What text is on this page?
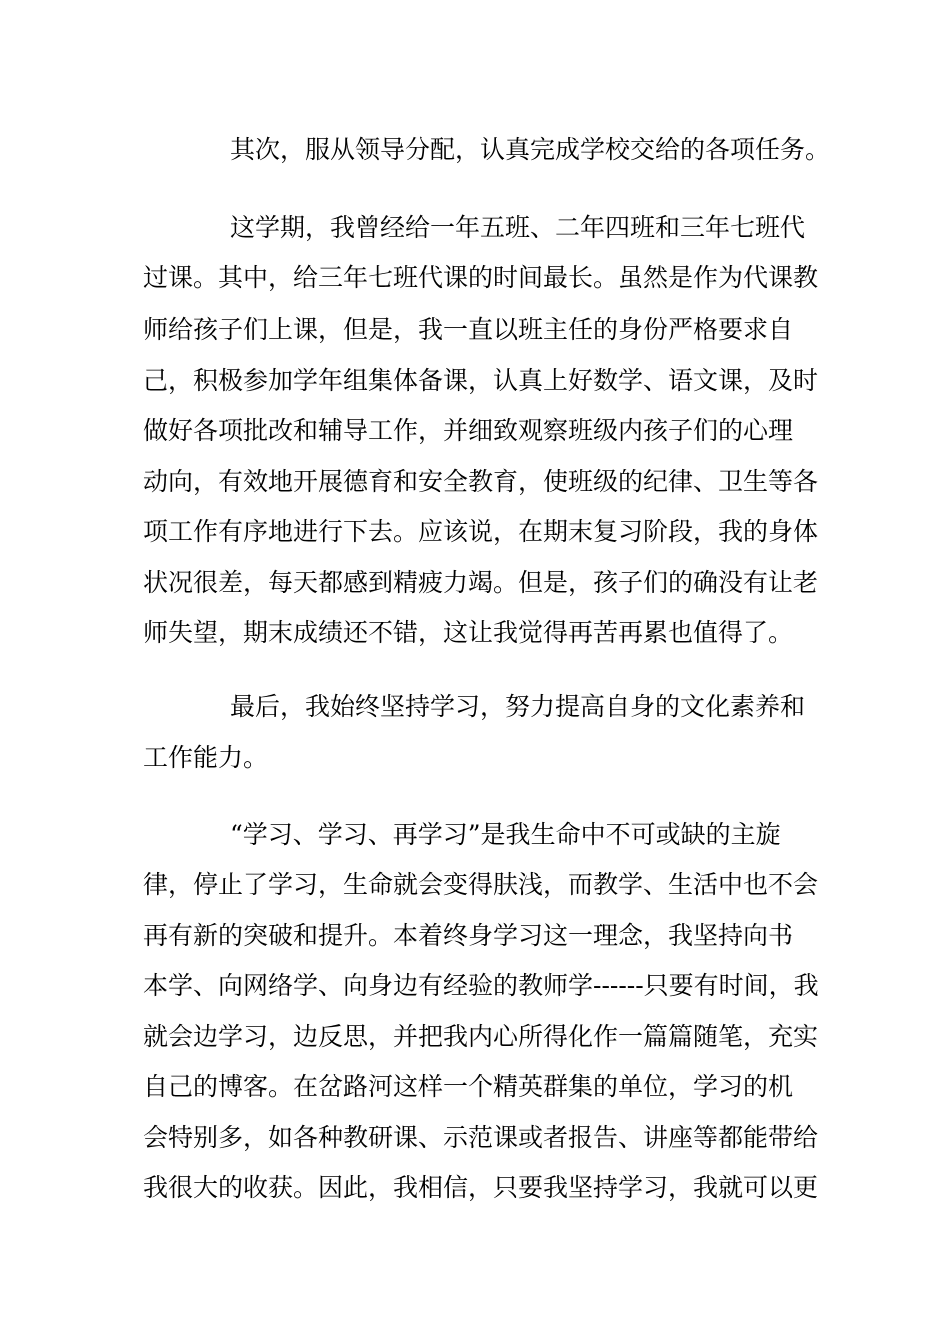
其次，服从领导分配，认真完成学校交给的各项任务。
这学期，我曾经给一年五班、二年四班和三年七班代
过课。其中，给三年七班代课的时间最长。虽然是作为代课教
师给孩子们上课，但是，我一直以班主任的身份严格要求自
己，积极参加学年组集体备课，认真上好数学、语文课，及时
做好各项批改和辅导工作，并细致观察班级内孩子们的心理
动向，有效地开展德育和安全教育，使班级的纪律、卫生等各
项工作有序地进行下去。应该说，在期末复习阶段，我的身体
状况很差，每天都感到精疲力竭。但是，孩子们的确没有让老
师失望，期末成绩还不错，这让我觉得再苦再累也值得了。
最后，我始终坚持学习，努力提高自身的文化素养和
工作能力。
“学习、学习、再学习”是我生命中不可或缺的主旋
律，停止了学习，生命就会变得肤浅，而教学、生活中也不会
再有新的突破和提升。本着终身学习这一理念，我坚持向书
本学、向网络学、向身边有经验的教师学------只要有时间，我
就会边学习，边反思，并把我内心所得化作一篇篇随笔，充实
自己的博客。在岔路河这样一个精英群集的单位，学习的机
会特别多，如各种教研课、示范课或者报告、讲座等都能带给
我很大的收获。因此，我相信，只要我坚持学习，我就可以更
